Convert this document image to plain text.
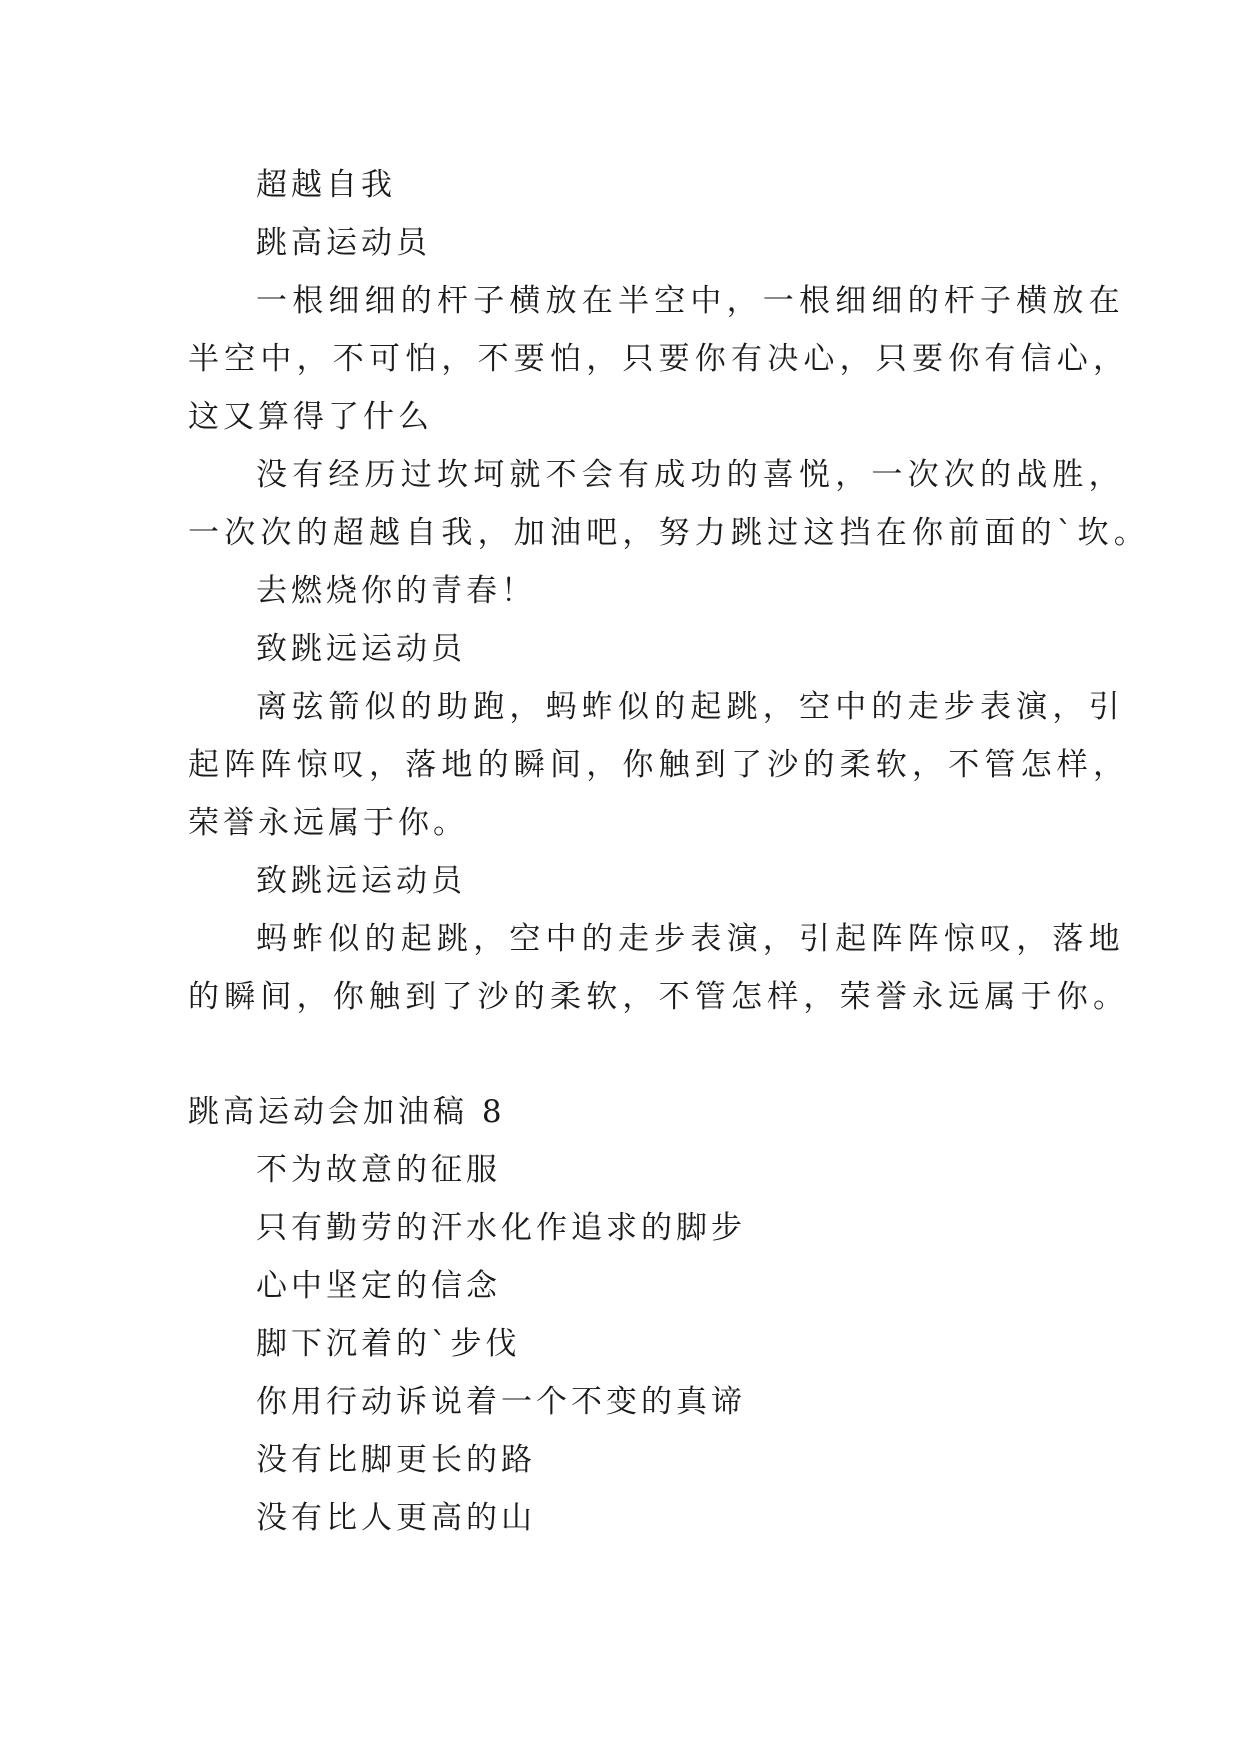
超越自我
跳高运动员
一根细细的杆子横放在半空中，一根细细的杆子横放在
半空中，不可怕，不要怕，只要你有决心，只要你有信心，
这又算得了什么
没有经历过坎坷就不会有成功的喜悦，一次次的战胜，
一次次的超越自我，加油吧，努力跳过这挡在你前面的`坎。
去燃烧你的青春！
致跳远运动员
离弦箭似的助跑，蚂蚱似的起跳，空中的走步表演，引
起阵阵惊叹，落地的瞬间，你触到了沙的柔软，不管怎样，
荣誉永远属于你。
致跳远运动员
蚂蚱似的起跳，空中的走步表演，引起阵阵惊叹，落地
的瞬间，你触到了沙的柔软，不管怎样，荣誉永远属于你。
跳高运动会加油稿 8
不为故意的征服
只有勤劳的汗水化作追求的脚步
心中坚定的信念
脚下沉着的`步伐
你用行动诉说着一个不变的真谛
没有比脚更长的路
没有比人更高的山
